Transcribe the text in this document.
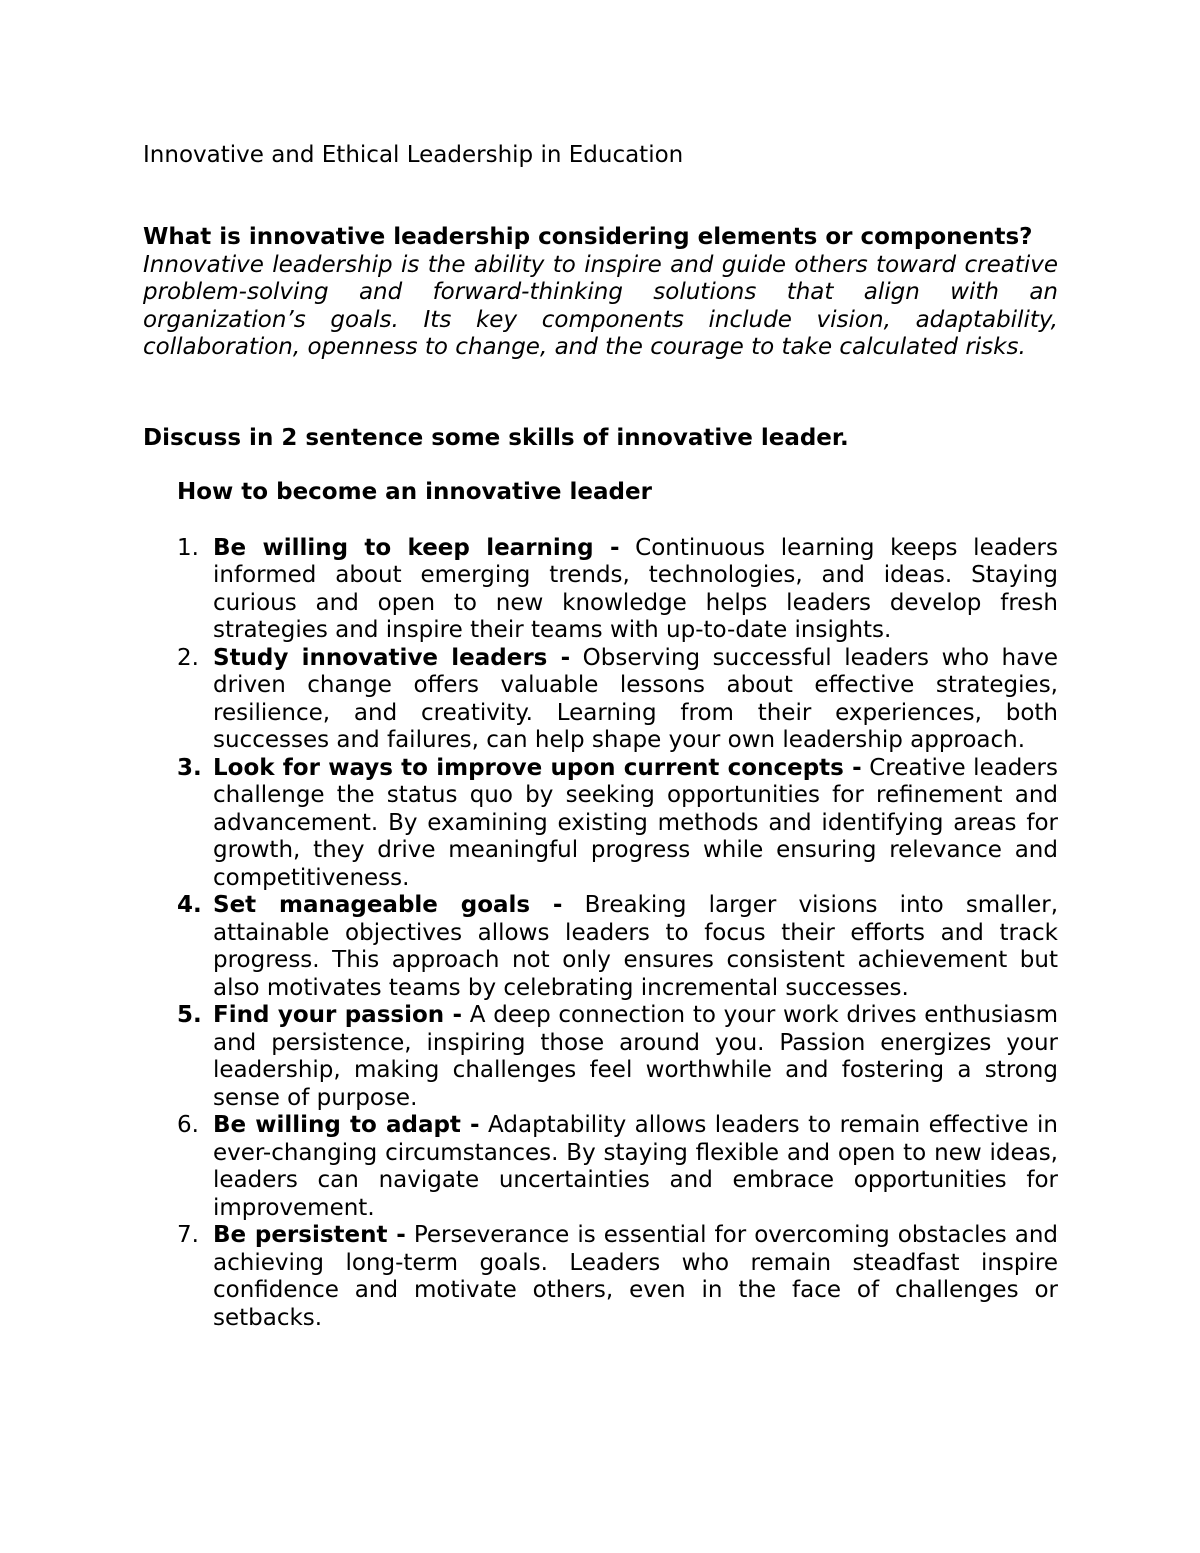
Innovative and Ethical Leadership in Education

What is innovative leadership considering elements or components?

Innovative leadership is the ability to inspire and guide others toward creative problem-solving and forward-thinking solutions that align with an organization’s goals. Its key components include vision, adaptability, collaboration, openness to change, and the courage to take calculated risks.

Discuss in 2 sentence some skills of innovative leader.

How to become an innovative leader

1. Be willing to keep learning - Continuous learning keeps leaders informed about emerging trends, technologies, and ideas. Staying curious and open to new knowledge helps leaders develop fresh strategies and inspire their teams with up-to-date insights.
2. Study innovative leaders - Observing successful leaders who have driven change offers valuable lessons about effective strategies, resilience, and creativity. Learning from their experiences, both successes and failures, can help shape your own leadership approach.
3. Look for ways to improve upon current concepts - Creative leaders challenge the status quo by seeking opportunities for refinement and advancement. By examining existing methods and identifying areas for growth, they drive meaningful progress while ensuring relevance and competitiveness.
4. Set manageable goals - Breaking larger visions into smaller, attainable objectives allows leaders to focus their efforts and track progress. This approach not only ensures consistent achievement but also motivates teams by celebrating incremental successes.
5. Find your passion - A deep connection to your work drives enthusiasm and persistence, inspiring those around you. Passion energizes your leadership, making challenges feel worthwhile and fostering a strong sense of purpose.
6. Be willing to adapt - Adaptability allows leaders to remain effective in ever-changing circumstances. By staying flexible and open to new ideas, leaders can navigate uncertainties and embrace opportunities for improvement.
7. Be persistent - Perseverance is essential for overcoming obstacles and achieving long-term goals. Leaders who remain steadfast inspire confidence and motivate others, even in the face of challenges or setbacks.
